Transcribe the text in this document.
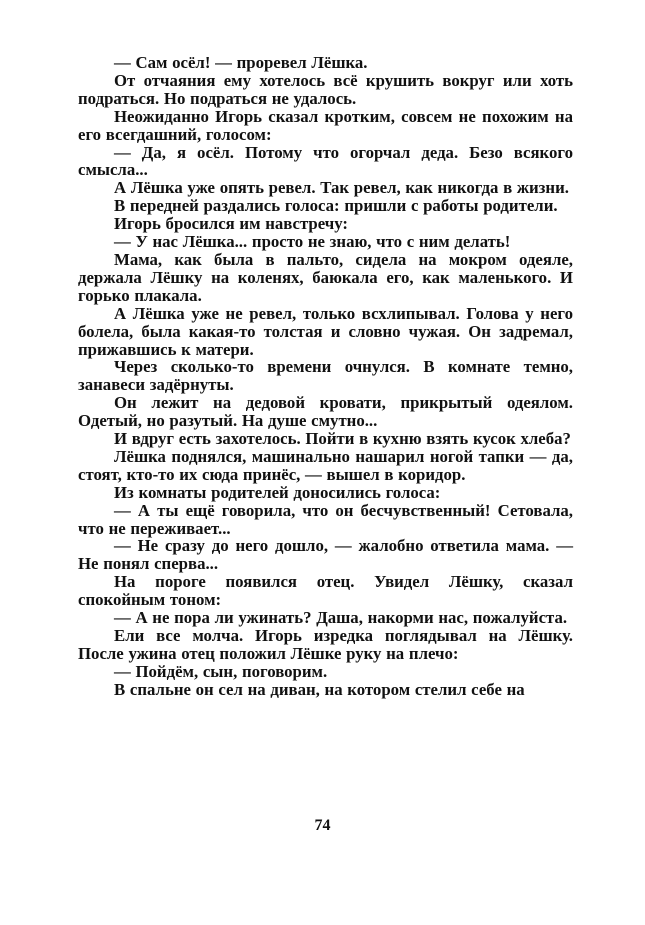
— Сам осёл! — проревел Лёшка.

От отчаяния ему хотелось всё крушить вокруг или хоть подраться. Но подраться не удалось.

Неожиданно Игорь сказал кротким, совсем не похожим на его всегдашний, голосом:

— Да, я осёл. Потому что огорчал деда. Безо всякого смысла...

А Лёшка уже опять ревел. Так ревел, как никогда в жизни.

В передней раздались голоса: пришли с работы родители.

Игорь бросился им навстречу:

— У нас Лёшка... просто не знаю, что с ним делать!

Мама, как была в пальто, сидела на мокром одеяле, держала Лёшку на коленях, баюкала его, как маленького. И горько плакала.

А Лёшка уже не ревел, только всхлипывал. Голова у него болела, была какая-то толстая и словно чужая. Он задремал, прижавшись к матери.

Через сколько-то времени очнулся. В комнате темно, занавеси задёрнуты.

Он лежит на дедовой кровати, прикрытый одеялом. Одетый, но разутый. На душе смутно...

И вдруг есть захотелось. Пойти в кухню взять кусок хлеба?

Лёшка поднялся, машинально нашарил ногой тапки — да, стоят, кто-то их сюда принёс, — вышел в коридор.

Из комнаты родителей доносились голоса:

— А ты ещё говорила, что он бесчувственный! Сетовала, что не переживает...

— Не сразу до него дошло, — жалобно ответила мама. — Не понял сперва...

На пороге появился отец. Увидел Лёшку, сказал спокойным тоном:

— А не пора ли ужинать? Даша, накорми нас, пожалуйста.

Ели все молча. Игорь изредка поглядывал на Лёшку. После ужина отец положил Лёшке руку на плечо:

— Пойдём, сын, поговорим.

В спальне он сел на диван, на котором стелил себе на

74
